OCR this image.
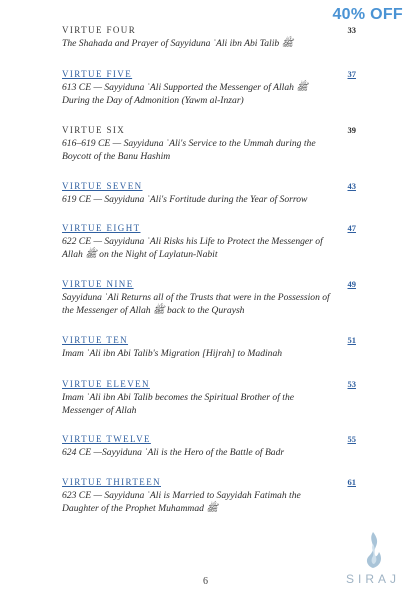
40% OFF
VIRTUE FOUR	33
The Shahada and Prayer of Sayyiduna ʿAli ibn Abi Talib ﷺ
VIRTUE FIVE	37
613 CE — Sayyiduna ʿAli Supported the Messenger of Allah ﷺ During the Day of Admonition (Yawm al-Inzar)
VIRTUE SIX	39
616–619 CE — Sayyiduna ʿAli's Service to the Ummah during the Boycott of the Banu Hashim
VIRTUE SEVEN	43
619 CE — Sayyiduna ʿAli's Fortitude during the Year of Sorrow
VIRTUE EIGHT	47
622 CE — Sayyiduna ʿAli Risks his Life to Protect the Messenger of Allah ﷺ on the Night of Laylatun-Nabit
VIRTUE NINE	49
Sayyiduna ʿAli Returns all of the Trusts that were in the Possession of the Messenger of Allah ﷺ back to the Quraysh
VIRTUE TEN	51
Imam ʿAli ibn Abi Talib's Migration [Hijrah] to Madinah
VIRTUE ELEVEN	53
Imam ʿAli ibn Abi Talib becomes the Spiritual Brother of the Messenger of Allah
VIRTUE TWELVE	55
624 CE —Sayyiduna ʿAli is the Hero of the Battle of Badr
VIRTUE THIRTEEN	61
623 CE — Sayyiduna ʿAli is Married to Sayyidah Fatimah the Daughter of the Prophet Muhammad ﷺ
6	SIRAJ
